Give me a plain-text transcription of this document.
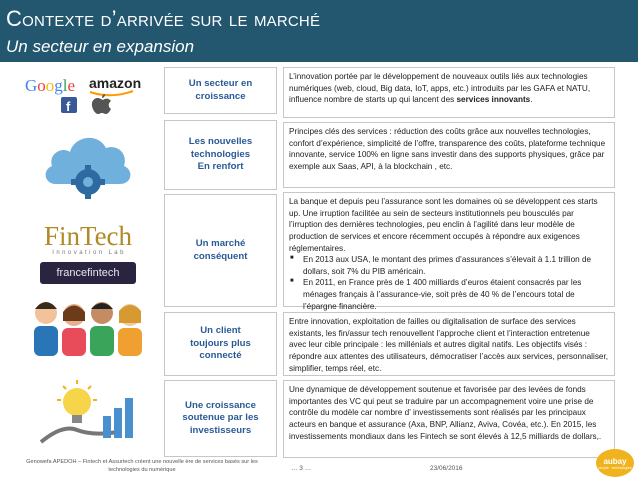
Contexte d’arrivée sur le marché
Un secteur en expansion
Google amazon
f
FinTech
I n n o v a t i o n   L a b
francefintech
Un secteur en
croissance
Les nouvelles
technologies
En renfort
Un marché
conséquent
Un client
toujours plus
connecté
Une croissance
soutenue par les
investisseurs

L’innovation portée par le développement de nouveaux outils liés aux technologies numériques (web, cloud, Big data, IoT, apps, etc.) introduits par les GAFA et NATU, influence nombre de starts up qui lancent des services innovants.

Principes clés des services : réduction des coûts grâce aux nouvelles technologies, confort d’expérience, simplicité de l’offre, transparence des coûts, plateforme technique innovante, service 100% en ligne sans investir dans des supports physiques, grâce par exemple aux Saas, API, à la blockchain , etc.

La banque et depuis peu l’assurance sont les domaines où se développent ces starts up. Une irruption facilitée au sein de secteurs institutionnels peu bousculés par l’irruption des dernières technologies, peu enclin à l’agilité dans leur modèle de production de services et encore récemment occupés à répondre aux exigences réglementaires.

■ En 2013 aux USA, le montant des primes d’assurances s’élevait à 1.1 trillion de dollars, soit 7% du PIB américain.
■ En 2011, en France près de 1 400 milliards d’euros étaient consacrés par les ménages français à l’assurance-vie, soit près de 40 % de l’encours total de l’épargne financière.

Entre innovation, exploitation de failles ou digitalisation de surface des services existants, les fin/assur tech renouvellent l’approche client et l’interaction entretenue avec leur cible principale : les millénials et autres digital natifs. Les objectifs visés : répondre aux attentes des utilisateurs, démocratiser l’accès aux services, personnaliser, simplifier, temps réel, etc.

Une dynamique de développement soutenue et favorisée par des levées de fonds importantes des VC qui peut se traduire par un accompagnement voire une prise de contrôle du modèle car nombre d’ investissements sont réalisés par les principaux acteurs en banque et assurance (Axa, BNP, Allianz, Aviva, Covéa, etc.). En 2015, les investissements mondiaux dans les Fintech se sont élevés à 12,5 milliards de dollars,.

Genowefa APEDOH – Fintech et Assurtech créent une nouvelle ère de services basés sur les technologies du numérique	… 3 …	23/06/2016
aubay
people · technologies
